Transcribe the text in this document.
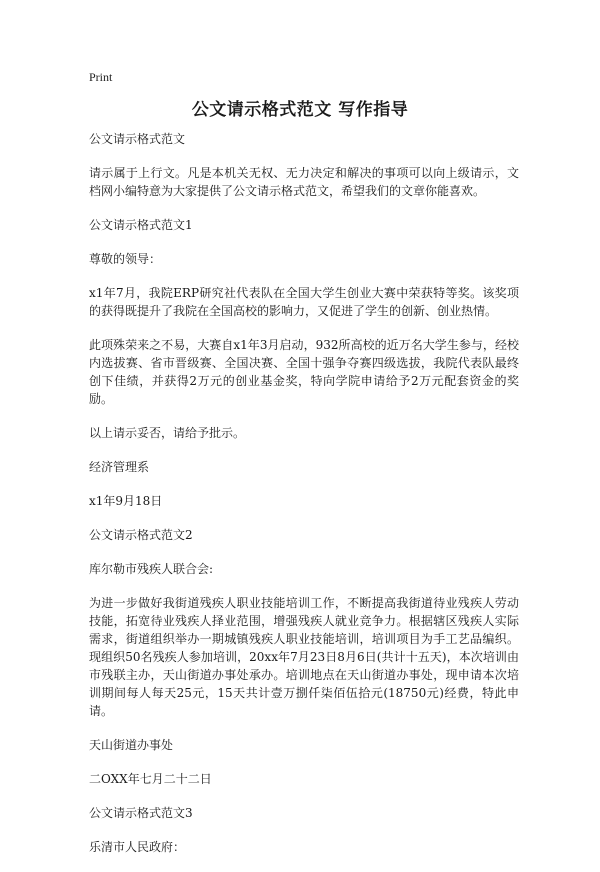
Print
公文请示格式范文 写作指导

公文请示格式范文

请示属于上行文。凡是本机关无权、无力决定和解决的事项可以向上级请示，文档网小编特意为大家提供了公文请示格式范文，希望我们的文章你能喜欢。

公文请示格式范文1

尊敬的领导：

x1年7月，我院ERP研究社代表队在全国大学生创业大赛中荣获特等奖。该奖项的获得既提升了我院在全国高校的影响力，又促进了学生的创新、创业热情。

此项殊荣来之不易，大赛自x1年3月启动，932所高校的近万名大学生参与，经校内选拔赛、省市晋级赛、全国决赛、全国十强争夺赛四级选拔，我院代表队最终创下佳绩，并获得2万元的创业基金奖，特向学院申请给予2万元配套资金的奖励。

以上请示妥否，请给予批示。

经济管理系

x1年9月18日

公文请示格式范文2

库尔勒市残疾人联合会:

为进一步做好我街道残疾人职业技能培训工作，不断提高我街道待业残疾人劳动技能，拓宽待业残疾人择业范围，增强残疾人就业竞争力。根据辖区残疾人实际需求，街道组织举办一期城镇残疾人职业技能培训，培训项目为手工艺品编织。现组织50名残疾人参加培训，20xx年7月23日8月6日(共计十五天)，本次培训由市残联主办，天山街道办事处承办。培训地点在天山街道办事处，现申请本次培训期间每人每天25元，15天共计壹万捌仟柒佰伍拾元(18750元)经费，特此申请。

天山街道办事处

二OXX年七月二十二日

公文请示格式范文3

乐清市人民政府：
